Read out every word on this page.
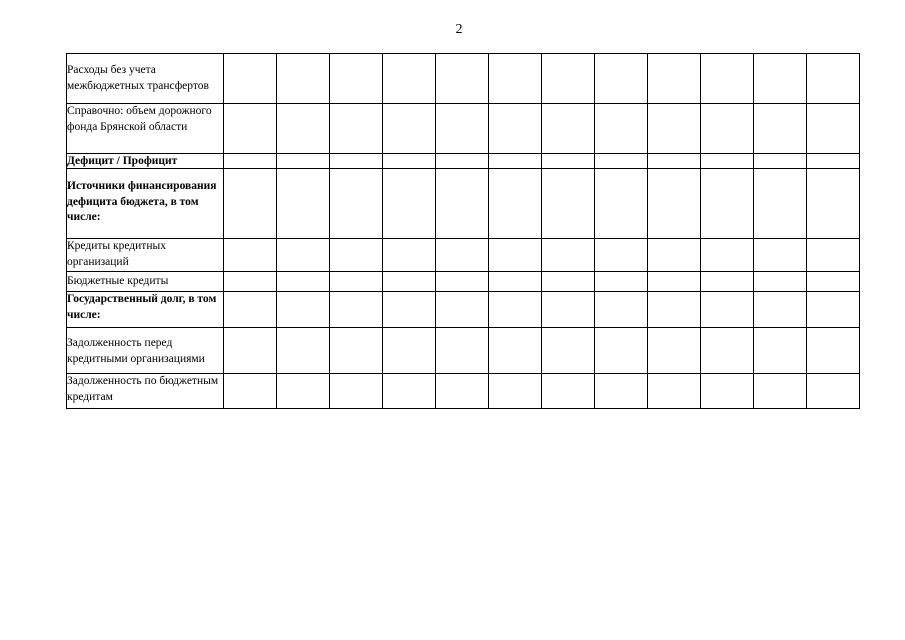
2
Расходы без учета межбюджетных трансфертов												
Справочно: объем дорожного фонда Брянской области												
Дефицит / Профицит												
Источники финансирования дефицита бюджета, в том числе:												
Кредиты кредитных организаций												
Бюджетные кредиты												
Государственный долг, в том числе:												
Задолженность перед кредитными организациями												
Задолженность по бюджетным кредитам												
